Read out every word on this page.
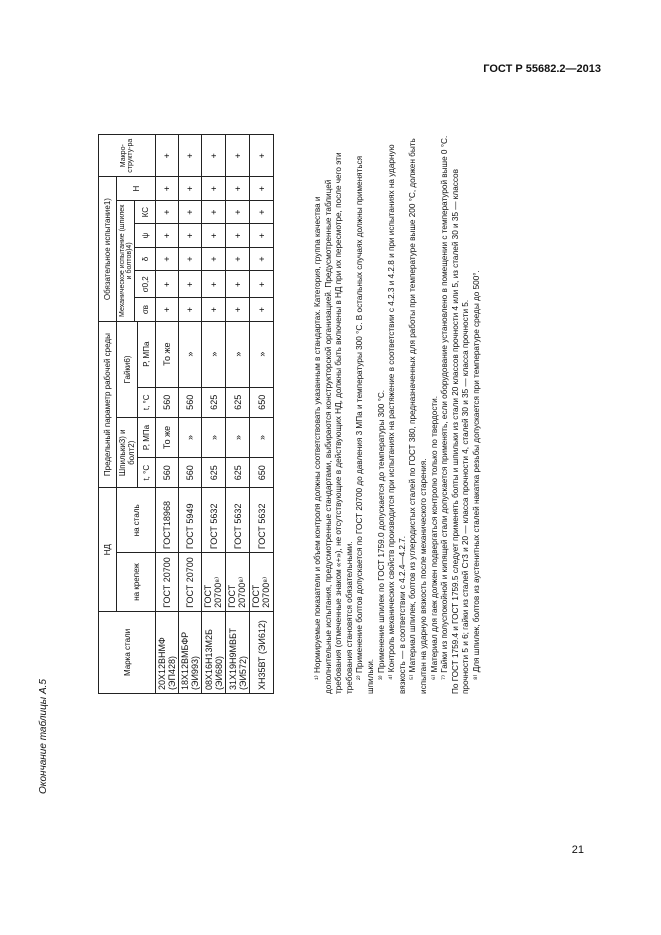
ГОСТ Р 55682.2—2013
Окончание таблицы А.5
Марка стали	НД		Предельный параметр рабочей среды				Обязательное испытание1)						Макро-структу-ра
	на крепеж	на сталь	Шпильки3) и болт2)		Гайки6)		Механическое испытание (шпилек и болтов)4)					Н	
							σв	σ0,2	δ	ψ	КС		
			t, °С	Р, МПа	t, °С	Р, МПа							
20Х12ВНМФ (ЭП428)	ГОСТ 20700	ГОСТ18968	560	То же	560	То же	+	+	+	+	+	+	+
18Х12ВМБФР (ЭИ993)	ГОСТ 20700	ГОСТ 5949	560	»	560	»	+	+	+	+	+	+	+
08Х16Н13М2Б (ЭИ680)	ГОСТ 20700⁸⁾	ГОСТ 5632	625	»	625	»	+	+	+	+	+	+	+
31Х19Н9МВБТ (ЭИ572)	ГОСТ 20700⁸⁾	ГОСТ 5632	625	»	625	»	+	+	+	+	+	+	+
ХН35ВТ (ЭИ612)	ГОСТ 20700⁸⁾	ГОСТ 5632	650	»	650	»	+	+	+	+	+	+	+

¹⁾ Нормируемые показатели и объем контроля должны соответствовать указанным в стандартах. Категория, группа качества и дополнительные испытания, предусмотренные стандартами, выбираются конструкторской организацией. Предусмотренные таблицей требования (отмеченные знаком «+»), не отсутствующие в действующих НД, должны быть включены в НД при их пересмотре, после чего эти требования становятся обязательными. ²⁾ Применение болтов допускается по ГОСТ 20700 до давления 3 МПа и температуры 300 °С. В остальных случаях должны применяться шпильки. ³⁾ Применение шпилек по ГОСТ 1759.0 допускается до температуры 300 °С. ⁴⁾ Контроль механических свойств производится при испытаниях на растяжение в соответствии с 4.2.3 и 4.2.8 и при испытаниях на ударную вязкость — в соответствии с 4.2.4—4.2.7. ⁵⁾ Материал шпилек, болтов из углеродистых сталей по ГОСТ 380, предназначенных для работы при температуре выше 200 °С, должен быть испытан на ударную вязкость после механического старения. ⁶⁾ Материал для гаек должен подвергаться контролю только по твердости. ⁷⁾ Гайки из полуспокойной и кипящей стали допускается применять, если оборудование установлено в помещении с температурой выше 0 °С. По ГОСТ 1759.4 и ГОСТ 1759.5 следует применять болты и шпильки из стали 20 классов прочности 4 или 5, из сталей 30 и 35 — классов прочности 5 и 6; гайки из сталей Ст3 и 20 — класса прочности 4, сталей 30 и 35 — класса прочности 5. ⁸⁾ Для шпилек, болтов из аустенитных сталей накатка резьбы допускается при температуре среды до 500°.

21
